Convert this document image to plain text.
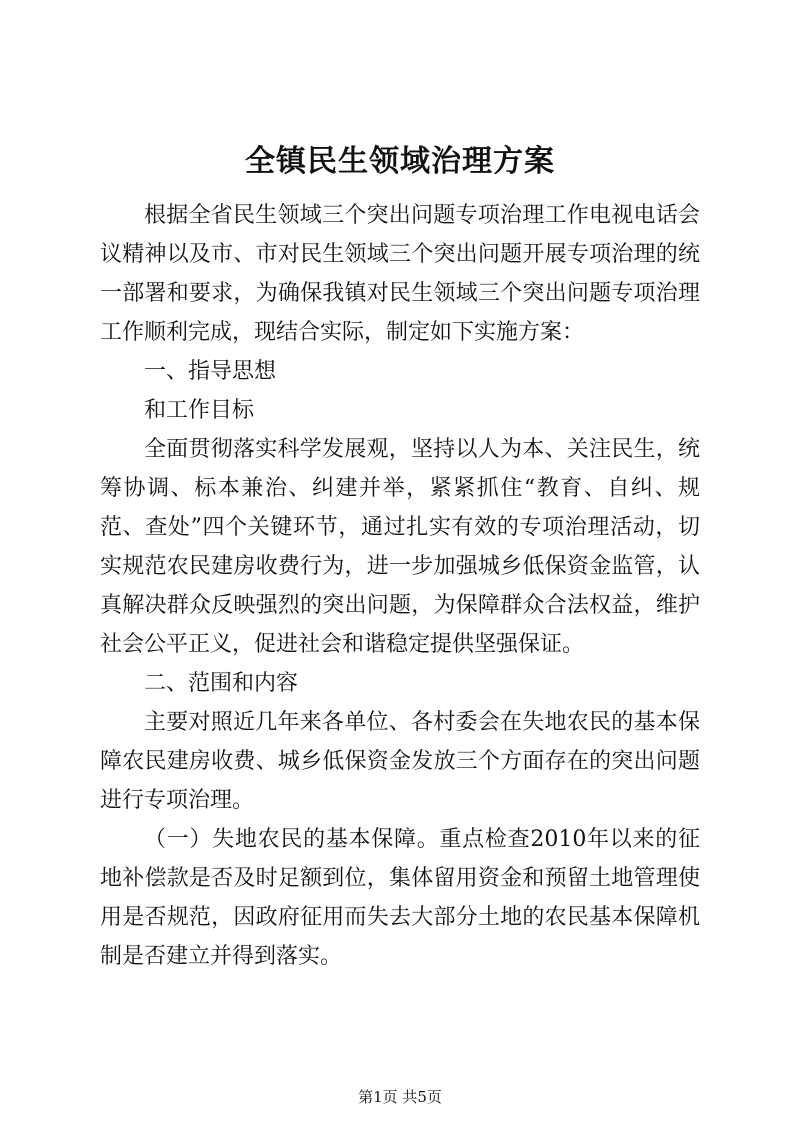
全镇民生领域治理方案

根据全省民生领域三个突出问题专项治理工作电视电话会议精神以及市、市对民生领域三个突出问题开展专项治理的统一部署和要求，为确保我镇对民生领域三个突出问题专项治理工作顺利完成，现结合实际，制定如下实施方案：

一、指导思想

和工作目标

全面贯彻落实科学发展观，坚持以人为本、关注民生，统筹协调、标本兼治、纠建并举，紧紧抓住“教育、自纠、规范、查处”四个关键环节，通过扎实有效的专项治理活动，切实规范农民建房收费行为，进一步加强城乡低保资金监管，认真解决群众反映强烈的突出问题，为保障群众合法权益，维护社会公平正义，促进社会和谐稳定提供坚强保证。

二、范围和内容

主要对照近几年来各单位、各村委会在失地农民的基本保障农民建房收费、城乡低保资金发放三个方面存在的突出问题进行专项治理。

（一）失地农民的基本保障。重点检查2010年以来的征地补偿款是否及时足额到位，集体留用资金和预留土地管理使用是否规范，因政府征用而失去大部分土地的农民基本保障机制是否建立并得到落实。

第1页 共5页
